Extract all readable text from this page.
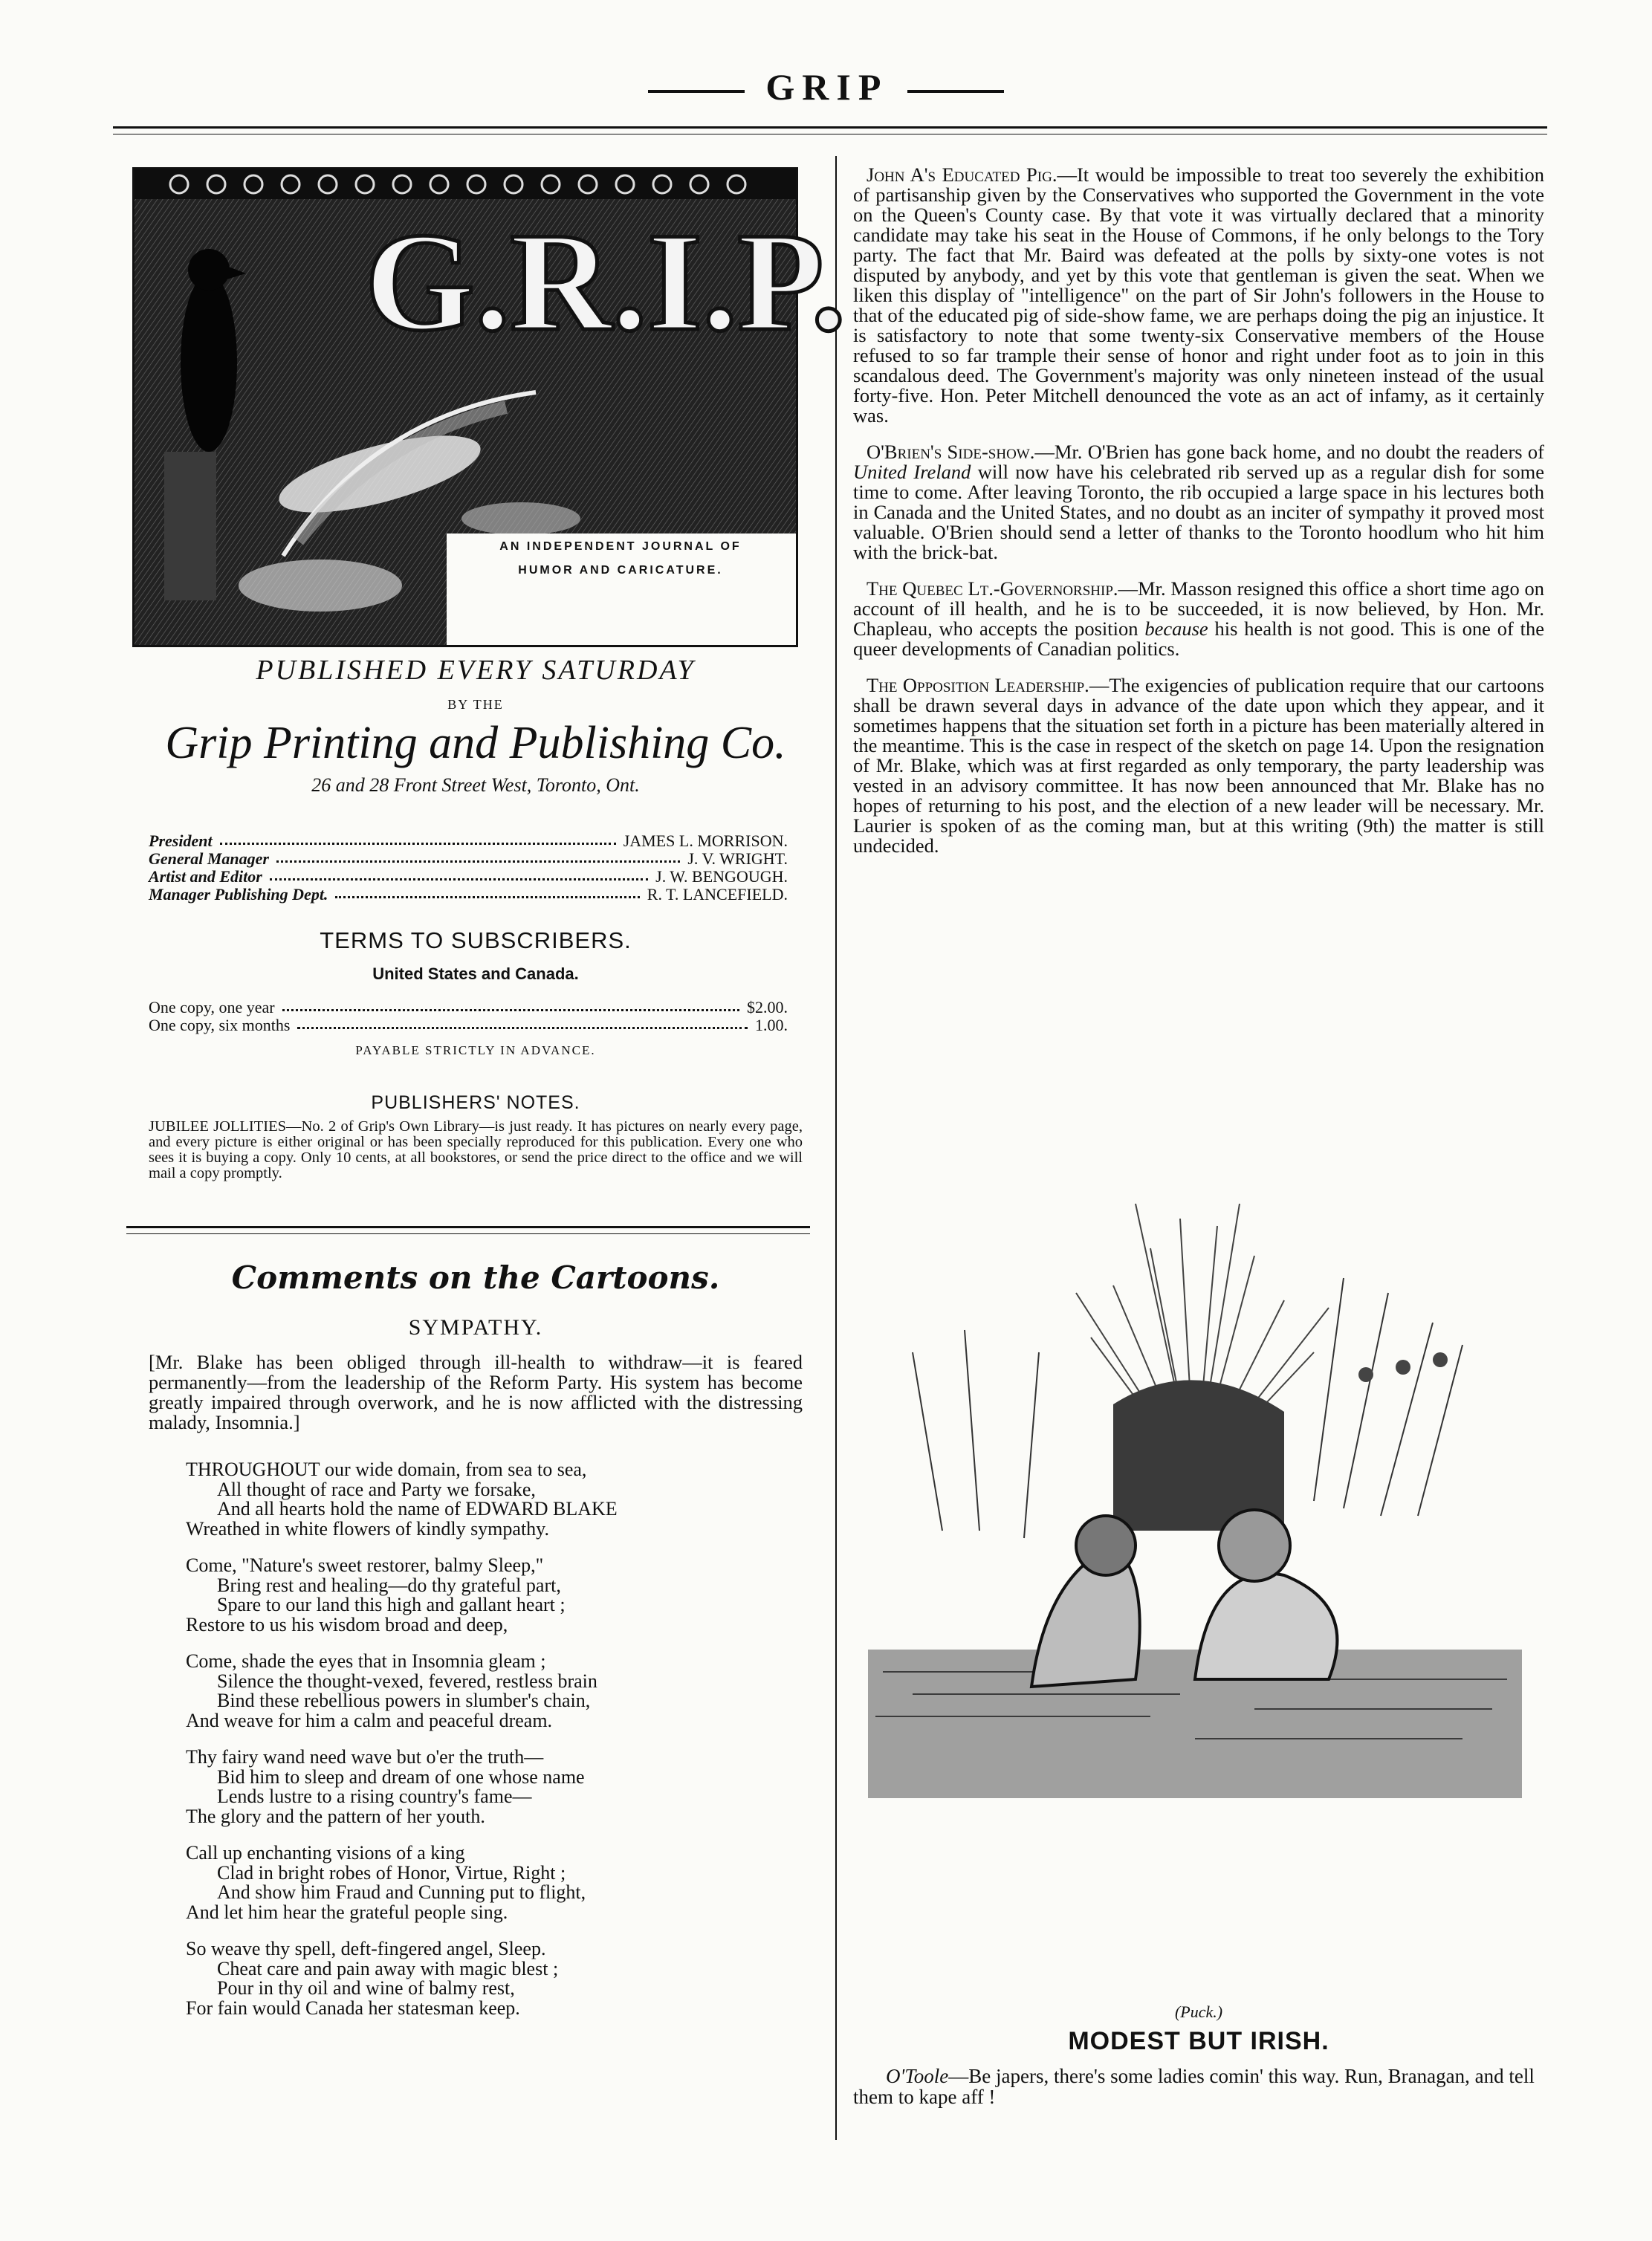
GRIP
G.R.I.P.
AN INDEPENDENT JOURNAL OF
HUMOR AND CARICATURE.
PUBLISHED EVERY SATURDAY
BY THE
Grip Printing and Publishing Co.
26 and 28 Front Street West, Toronto, Ont.
President	JAMES L. MORRISON.
General Manager	J. V. WRIGHT.
Artist and Editor	J. W. BENGOUGH.
Manager Publishing Dept.	R. T. LANCEFIELD.
TERMS TO SUBSCRIBERS.
United States and Canada.
One copy, one year	$2.00.
One copy, six months	1.00.
PAYABLE STRICTLY IN ADVANCE.
PUBLISHERS' NOTES.
JUBILEE JOLLITIES—No. 2 of Grip's Own Library—is just ready. It has pictures on nearly every page, and every picture is either original or has been specially reproduced for this publication. Every one who sees it is buying a copy. Only 10 cents, at all bookstores, or send the price direct to the office and we will mail a copy promptly.
Comments on the Cartoons.
SYMPATHY.
[Mr. Blake has been obliged through ill-health to withdraw—it is feared permanently—from the leadership of the Reform Party. His system has become greatly impaired through overwork, and he is now afflicted with the distressing malady, Insomnia.]
THROUGHOUT our wide domain, from sea to sea,
All thought of race and Party we forsake,
And all hearts hold the name of EDWARD BLAKE
Wreathed in white flowers of kindly sympathy.
Come, "Nature's sweet restorer, balmy Sleep,"
Bring rest and healing—do thy grateful part,
Spare to our land this high and gallant heart ;
Restore to us his wisdom broad and deep,
Come, shade the eyes that in Insomnia gleam ;
Silence the thought-vexed, fevered, restless brain
Bind these rebellious powers in slumber's chain,
And weave for him a calm and peaceful dream.
Thy fairy wand need wave but o'er the truth—
Bid him to sleep and dream of one whose name
Lends lustre to a rising country's fame—
The glory and the pattern of her youth.
Call up enchanting visions of a king
Clad in bright robes of Honor, Virtue, Right ;
And show him Fraud and Cunning put to flight,
And let him hear the grateful people sing.
So weave thy spell, deft-fingered angel, Sleep.
Cheat care and pain away with magic blest ;
Pour in thy oil and wine of balmy rest,
For fain would Canada her statesman keep.
John A's Educated Pig.—It would be impossible to treat too severely the exhibition of partisanship given by the Conservatives who supported the Government in the vote on the Queen's County case. By that vote it was virtually declared that a minority candidate may take his seat in the House of Commons, if he only belongs to the Tory party. The fact that Mr. Baird was defeated at the polls by sixty-one votes is not disputed by anybody, and yet by this vote that gentleman is given the seat. When we liken this display of "intelligence" on the part of Sir John's followers in the House to that of the educated pig of side-show fame, we are perhaps doing the pig an injustice. It is satisfactory to note that some twenty-six Conservative members of the House refused to so far trample their sense of honor and right under foot as to join in this scandalous deed. The Government's majority was only nineteen instead of the usual forty-five. Hon. Peter Mitchell denounced the vote as an act of infamy, as it certainly was.
O'Brien's Side-show.—Mr. O'Brien has gone back home, and no doubt the readers of United Ireland will now have his celebrated rib served up as a regular dish for some time to come. After leaving Toronto, the rib occupied a large space in his lectures both in Canada and the United States, and no doubt as an inciter of sympathy it proved most valuable. O'Brien should send a letter of thanks to the Toronto hoodlum who hit him with the brick-bat.
The Quebec Lt.-Governorship.—Mr. Masson resigned this office a short time ago on account of ill health, and he is to be succeeded, it is now believed, by Hon. Mr. Chapleau, who accepts the position because his health is not good. This is one of the queer developments of Canadian politics.
The Opposition Leadership.—The exigencies of publication require that our cartoons shall be drawn several days in advance of the date upon which they appear, and it sometimes happens that the situation set forth in a picture has been materially altered in the meantime. This is the case in respect of the sketch on page 14. Upon the resignation of Mr. Blake, which was at first regarded as only temporary, the party leadership was vested in an advisory committee. It has now been announced that Mr. Blake has no hopes of returning to his post, and the election of a new leader will be necessary. Mr. Laurier is spoken of as the coming man, but at this writing (9th) the matter is still undecided.
(Puck.)
MODEST BUT IRISH.
O'Toole—Be japers, there's some ladies comin' this way. Run, Branagan, and tell them to kape aff !
